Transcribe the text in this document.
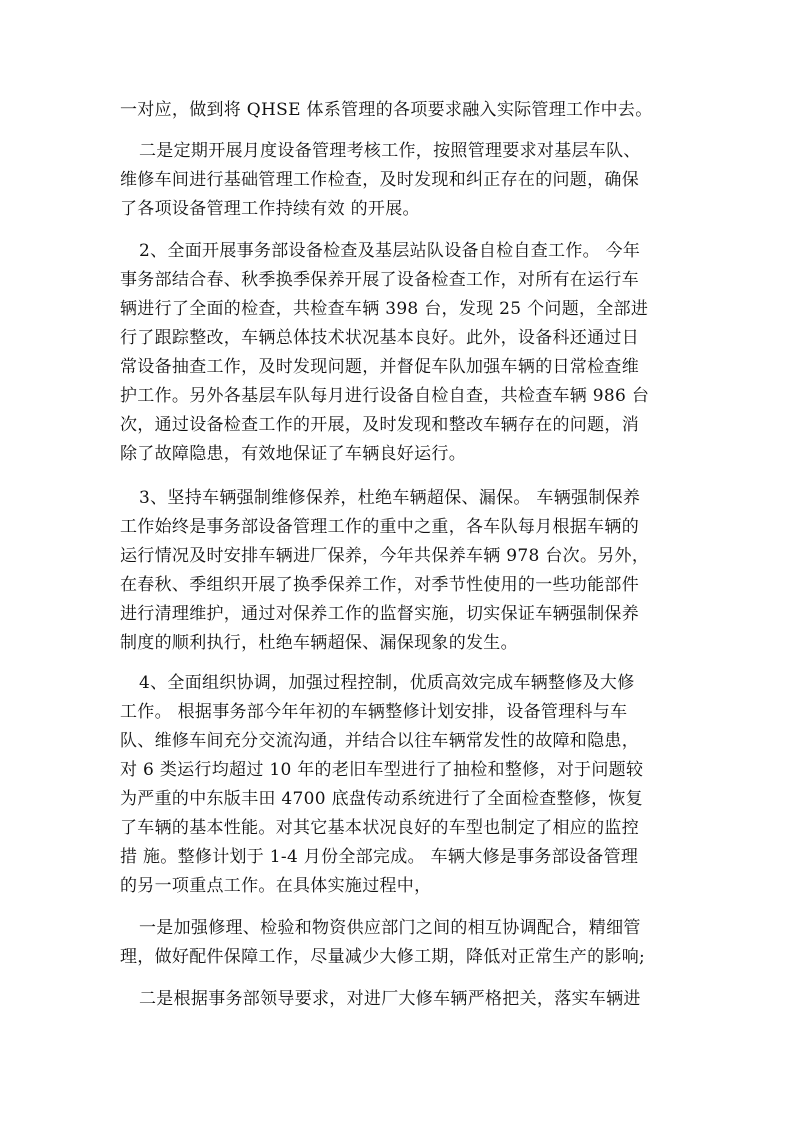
一对应，做到将 QHSE 体系管理的各项要求融入实际管理工作中去。

二是定期开展月度设备管理考核工作，按照管理要求对基层车队、
维修车间进行基础管理工作检查，及时发现和纠正存在的问题，确保
了各项设备管理工作持续有效 的开展。

2、全面开展事务部设备检查及基层站队设备自检自查工作。 今年
事务部结合春、秋季换季保养开展了设备检查工作，对所有在运行车
辆进行了全面的检查，共检查车辆 398 台，发现 25 个问题，全部进
行了跟踪整改，车辆总体技术状况基本良好。此外，设备科还通过日
常设备抽查工作，及时发现问题，并督促车队加强车辆的日常检查维
护工作。另外各基层车队每月进行设备自检自查，共检查车辆 986 台
次，通过设备检查工作的开展，及时发现和整改车辆存在的问题，消
除了故障隐患，有效地保证了车辆良好运行。

3、坚持车辆强制维修保养，杜绝车辆超保、漏保。 车辆强制保养
工作始终是事务部设备管理工作的重中之重，各车队每月根据车辆的
运行情况及时安排车辆进厂保养，今年共保养车辆 978 台次。另外，
在春秋、季组织开展了换季保养工作，对季节性使用的一些功能部件
进行清理维护，通过对保养工作的监督实施，切实保证车辆强制保养
制度的顺利执行，杜绝车辆超保、漏保现象的发生。

4、全面组织协调，加强过程控制，优质高效完成车辆整修及大修
工作。 根据事务部今年年初的车辆整修计划安排，设备管理科与车
队、维修车间充分交流沟通，并结合以往车辆常发性的故障和隐患，
对 6 类运行均超过 10 年的老旧车型进行了抽检和整修，对于问题较
为严重的中东版丰田 4700 底盘传动系统进行了全面检查整修，恢复
了车辆的基本性能。对其它基本状况良好的车型也制定了相应的监控
措 施。整修计划于 1-4 月份全部完成。 车辆大修是事务部设备管理
的另一项重点工作。在具体实施过程中，

一是加强修理、检验和物资供应部门之间的相互协调配合，精细管
理，做好配件保障工作，尽量减少大修工期，降低对正常生产的影响;

二是根据事务部领导要求，对进厂大修车辆严格把关，落实车辆进
